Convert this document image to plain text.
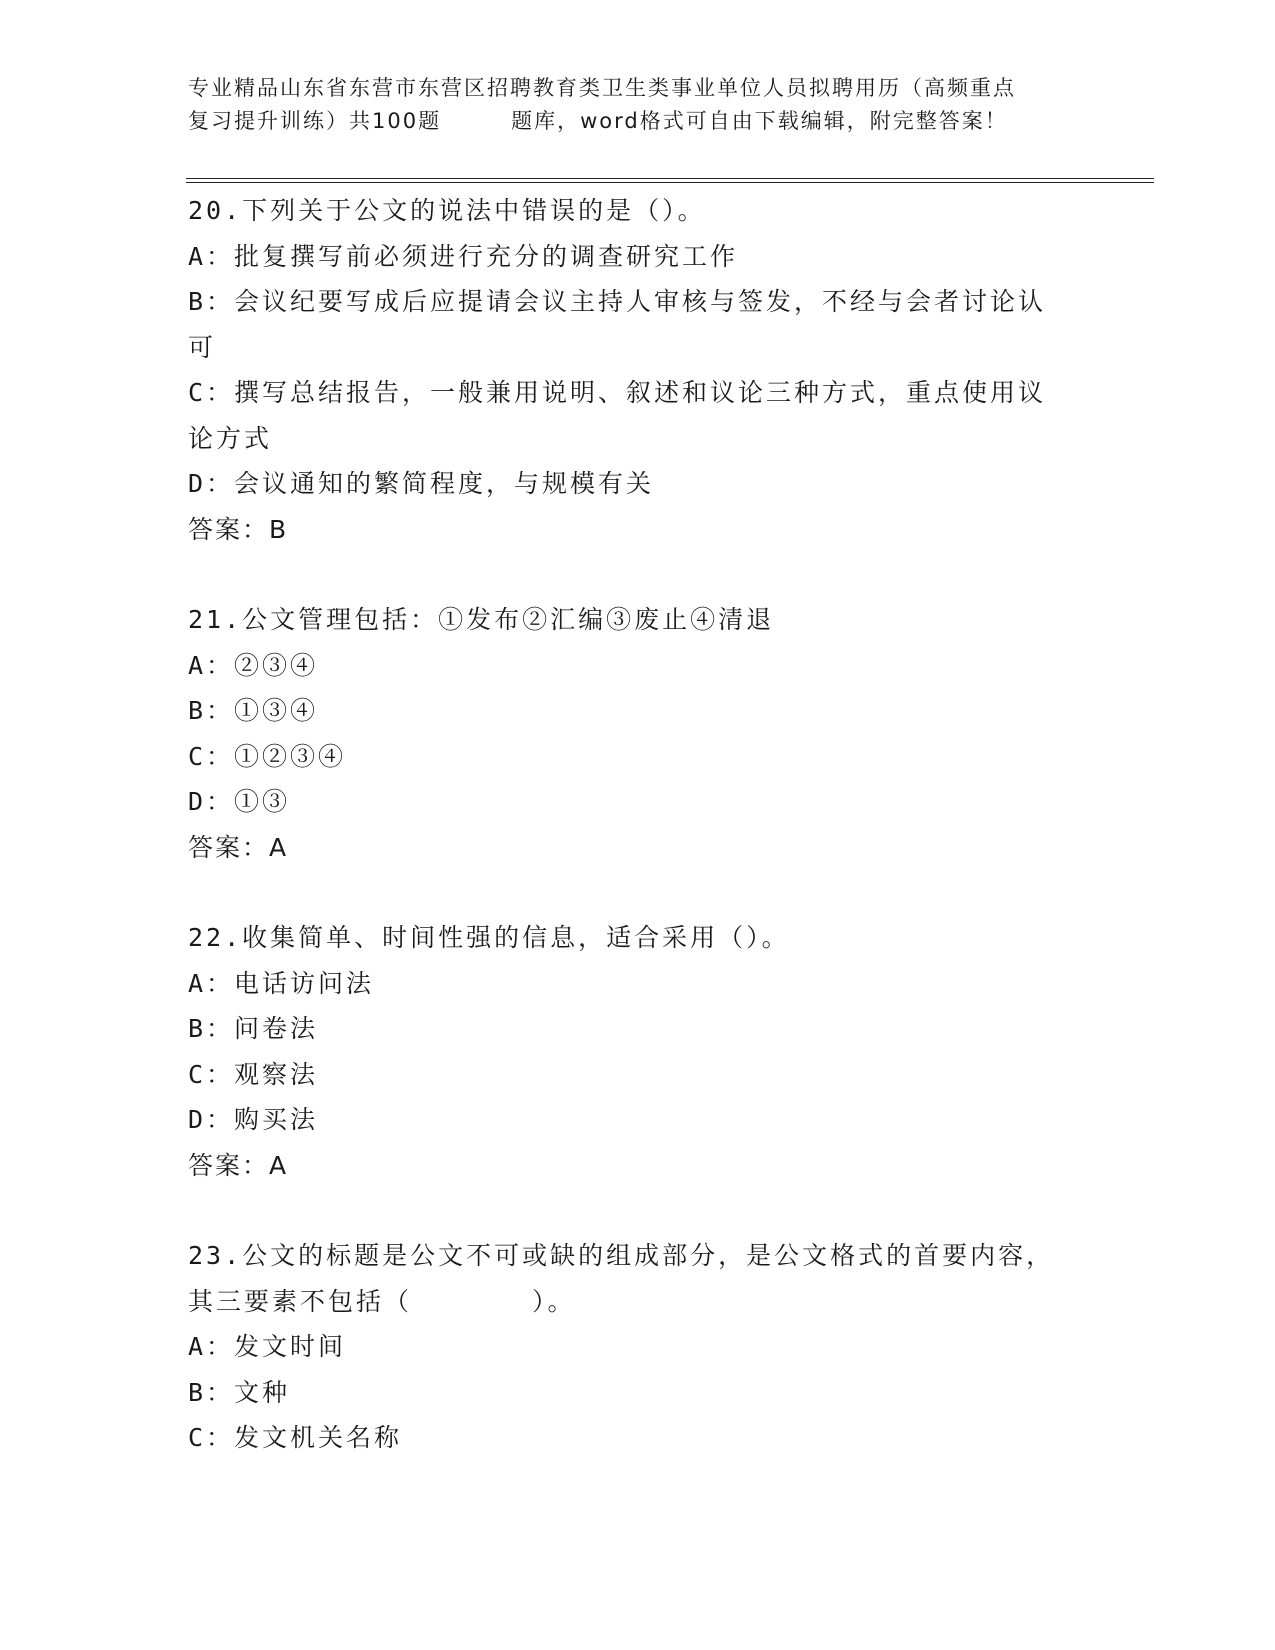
专业精品山东省东营市东营区招聘教育类卫生类事业单位人员拟聘用历（高频重点
复习提升训练）共100题	题库，word格式可自由下载编辑，附完整答案！

20.下列关于公文的说法中错误的是（）。

A：批复撰写前必须进行充分的调查研究工作

B：会议纪要写成后应提请会议主持人审核与签发，不经与会者讨论认

可

C：撰写总结报告，一般兼用说明、叙述和议论三种方式，重点使用议

论方式

D：会议通知的繁简程度，与规模有关

答案：B

21.公文管理包括：①发布②汇编③废止④清退

A：②③④

B：①③④

C：①②③④

D：①③

答案：A

22.收集简单、时间性强的信息，适合采用（）。

A：电话访问法

B：问卷法

C：观察法

D：购买法

答案：A

23.公文的标题是公文不可或缺的组成部分，是公文格式的首要内容，

其三要素不包括（	）。

A：发文时间

B：文种

C：发文机关名称
